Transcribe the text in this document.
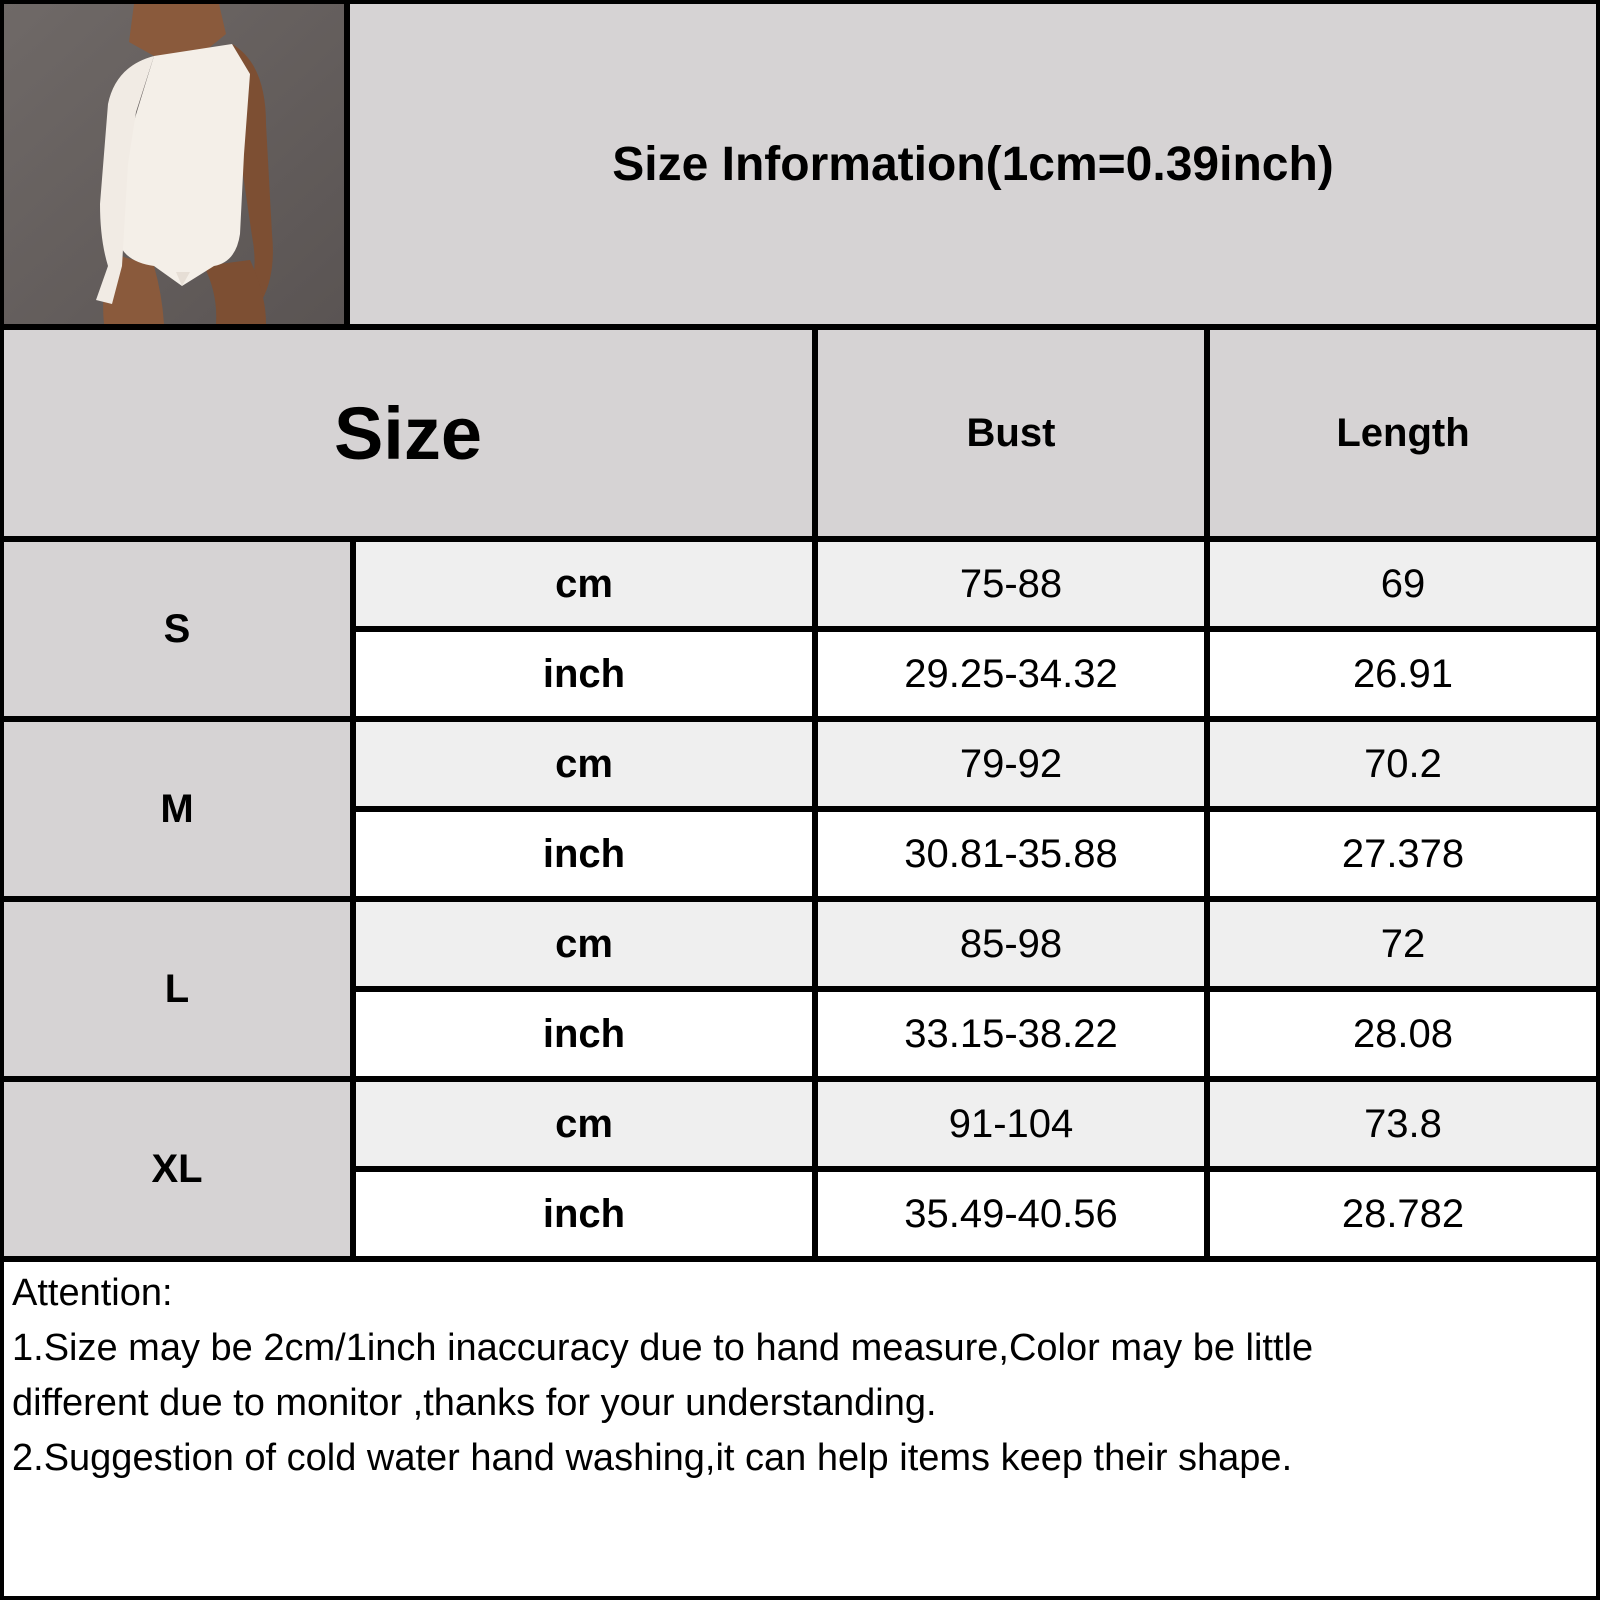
Size Information(1cm=0.39inch)
Size	Bust	Length
S
cm	75-88	69
inch	29.25-34.32	26.91
M
cm	79-92	70.2
inch	30.81-35.88	27.378
L
cm	85-98	72
inch	33.15-38.22	28.08
XL
cm	91-104	73.8
inch	35.49-40.56	28.782
Attention:
1.Size may be 2cm/1inch inaccuracy due to hand measure,Color may be little
different due to monitor ,thanks for your understanding.
2.Suggestion of cold water hand washing,it can help items keep their shape.
